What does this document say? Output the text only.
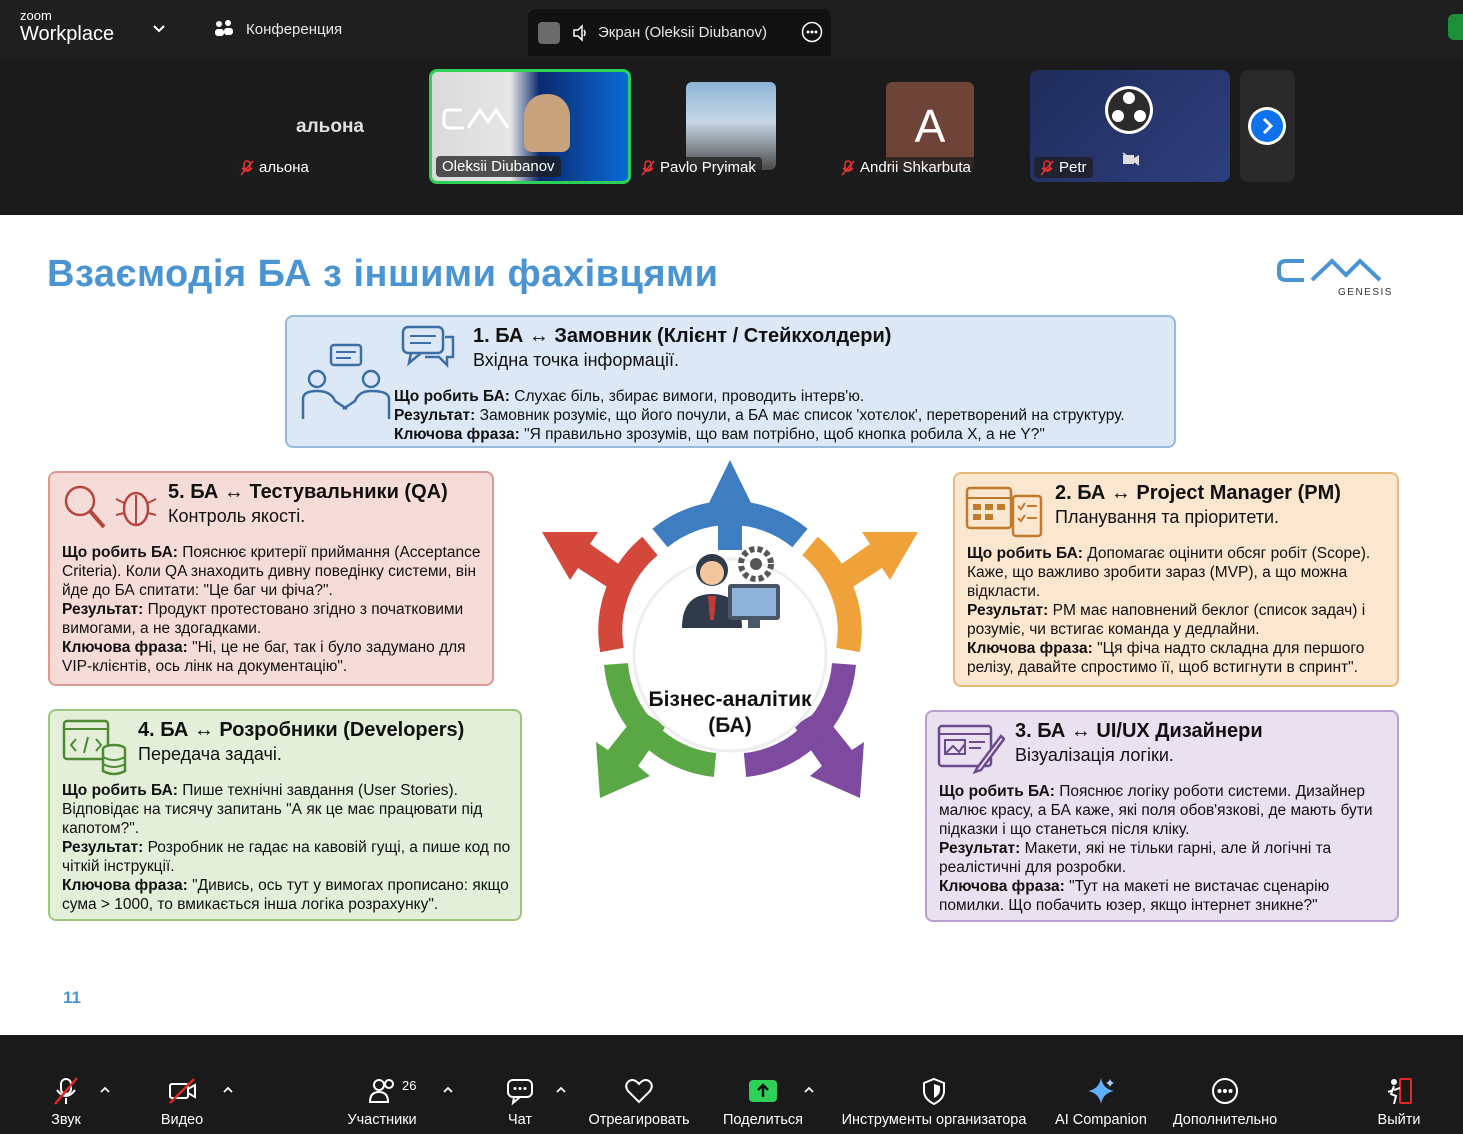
zoom
Workplace	Конференция	Экран (Oleksii Diubanov)
альона
альона	Oleksii Diubanov	Pavlo Pryimak
A
Andrii Shkarbuta	Petr
Взаємодія БА з іншими фахівцями	GENESIS
1. БА ↔ Замовник (Клієнт / Стейкхолдери)
Вхідна точка інформації.
Що робить БА: Слухає біль, збирає вимоги, проводить інтерв'ю.
Результат: Замовник розуміє, що його почули, а БА має список 'хотєлок', перетворений на структуру.
Ключова фраза: "Я правильно зрозумів, що вам потрібно, щоб кнопка робила X, а не Y?"
5. БА ↔ Тестувальники (QA)
Контроль якості.
Що робить БА: Пояснює критерії приймання (Acceptance Criteria). Коли QA знаходить дивну поведінку системи, він йде до БА спитати: "Це баг чи фіча?".
Результат: Продукт протестовано згідно з початковими вимогами, а не здогадками.
Ключова фраза: "Ні, це не баг, так і було задумано для VIP-клієнтів, ось лінк на документацію".
2. БА ↔ Project Manager (PM)
Планування та пріоритети.
Що робить БА: Допомагає оцінити обсяг робіт (Scope). Каже, що важливо зробити зараз (MVP), а що можна відкласти.
Результат: PM має наповнений беклог (список задач) і розуміє, чи встигає команда у дедлайни.
Ключова фраза: "Ця фіча надто складна для першого релізу, давайте спростимо її, щоб встигнути в спринт".
4. БА ↔ Розробники (Developers)
Передача задачі.
Що робить БА: Пише технічні завдання (User Stories). Відповідає на тисячу запитань "А як це має працювати під капотом?".
Результат: Розробник не гадає на кавовій гущі, а пише код по чіткій інструкції.
Ключова фраза: "Дивись, ось тут у вимогах прописано: якщо сума > 1000, то вмикається інша логіка розрахунку".
3. БА ↔ UI/UX Дизайнери
Візуалізація логіки.
Що робить БА: Пояснює логіку роботи системи. Дизайнер малює красу, а БА каже, які поля обов'язкові, де мають бути підказки і що станеться після кліку.
Результат: Макети, які не тільки гарні, але й логічні та реалістичні для розробки.
Ключова фраза: "Тут на макеті не вистачає сценарію помилки. Що побачить юзер, якщо інтернет зникне?"
Бізнес-аналітик
(БА)
11
Звук	Видео
26
Участники	Чат	Отреагировать	Поделиться	Инструменты организатора	AI Companion	Дополнительно	Выйти
